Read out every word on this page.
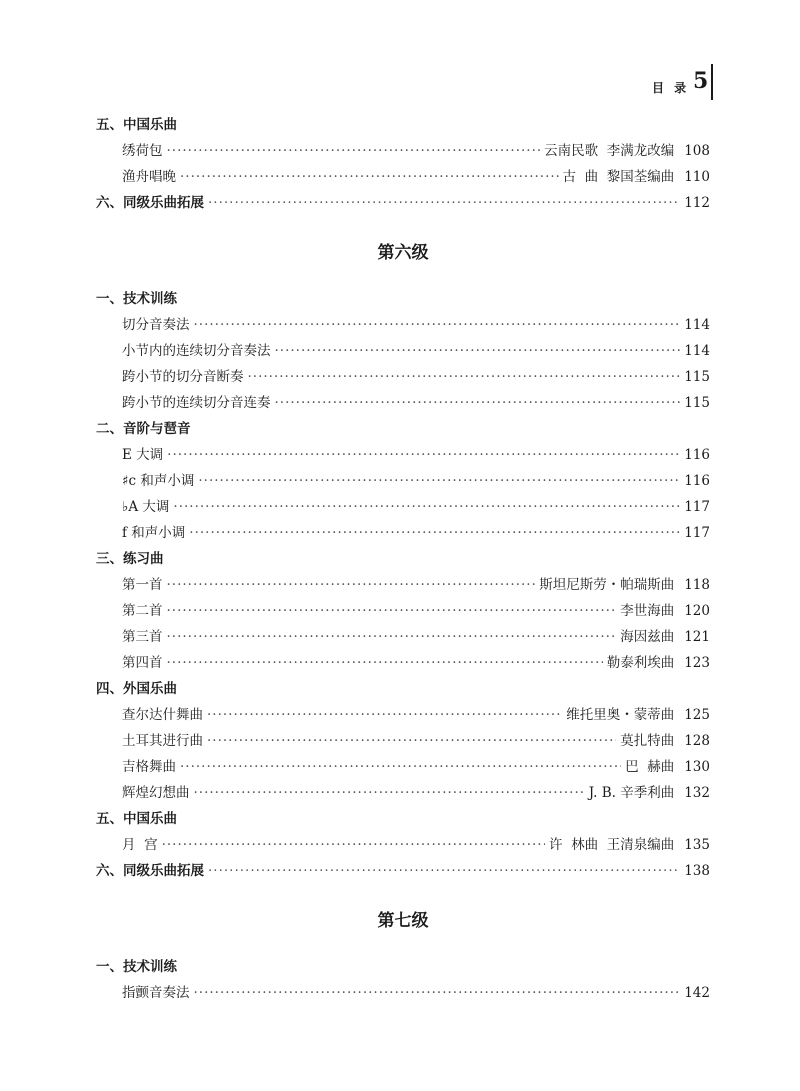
目 录 5
五、中国乐曲
绣荷包 ·····	云南民歌  李满龙改编 108
渔舟唱晚 ·····	古  曲  黎国荃编曲 110
六、同级乐曲拓展 ·····	112
第六级
一、技术训练
切分音奏法 ·····	114
小节内的连续切分音奏法 ·····	114
跨小节的切分音断奏 ·····	115
跨小节的连续切分音连奏 ·····	115
二、音阶与琶音
E 大调 ·····	116
♯c 和声小调 ·····	116
♭A 大调 ·····	117
f 和声小调 ·····	117
三、练习曲
第一首 ·····	斯坦尼斯劳・帕瑞斯曲 118
第二首 ·····	李世海曲 120
第三首 ·····	海因兹曲 121
第四首 ·····	勒泰利埃曲 123
四、外国乐曲
查尔达什舞曲 ·····	维托里奥・蒙蒂曲 125
土耳其进行曲 ·····	莫扎特曲 128
吉格舞曲 ·····	巴  赫曲 130
辉煌幻想曲 ·····	J. B. 辛季利曲 132
五、中国乐曲
月  宫 ·····	许  林曲  王清泉编曲 135
六、同级乐曲拓展 ·····	138
第七级
一、技术训练
指颤音奏法 ·····	142
